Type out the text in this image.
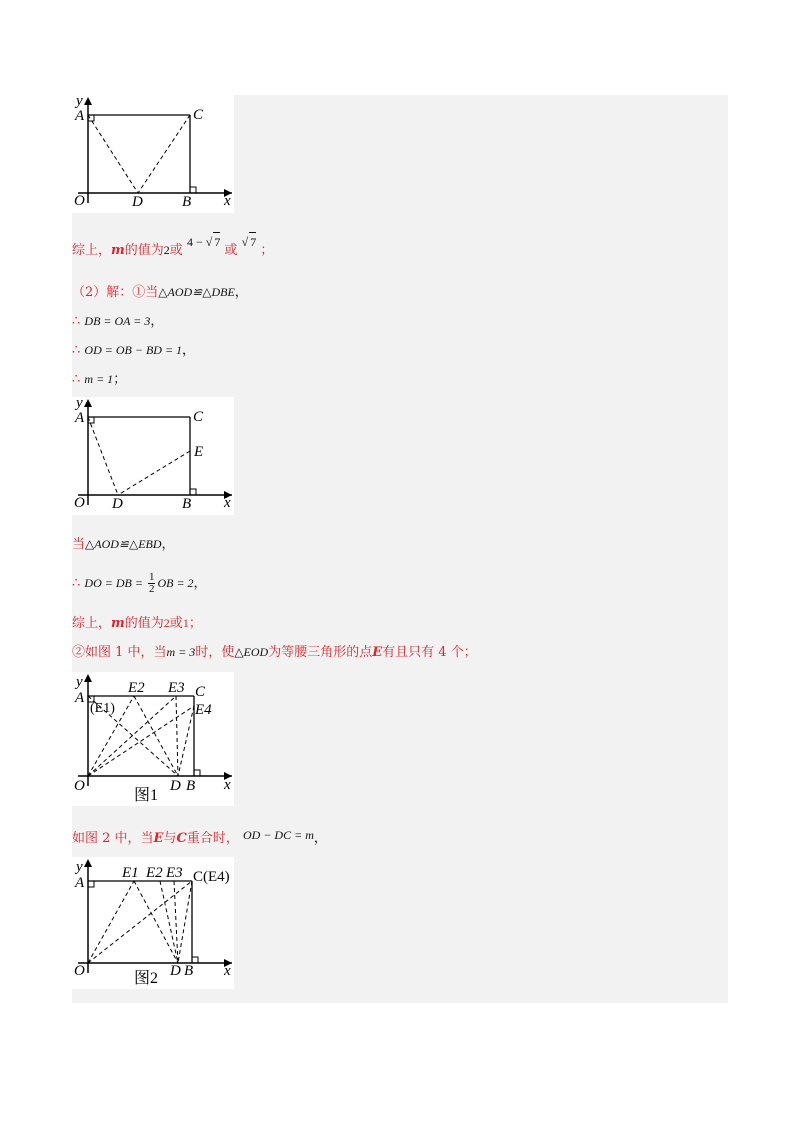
y
A	C
O	D	B x
综上，m的值为2或 4 − √ 7 或 √ 7 ；
（2）解：①当△AOD≌△DBE，
∴ DB = OA = 3，
∴ OD = OB − BD = 1，
∴ m = 1；
y
A	C
E
O D	B x
当△AOD≌△EBD，
∴ DO = DB = $\frac{1}{2}$ OB = 2，
综上，m的值为2或1；
②如图 1 中，当m = 3时，使△EOD为等腰三角形的点E有且只有 4 个；
y
A
(E1)
E2 E3 C
E4
O	D B x
图1
如图 2 中，当E与C重合时， OD − DC = m，
y
A
E1 E2 E3 C(E4)
O	D B x
图2
